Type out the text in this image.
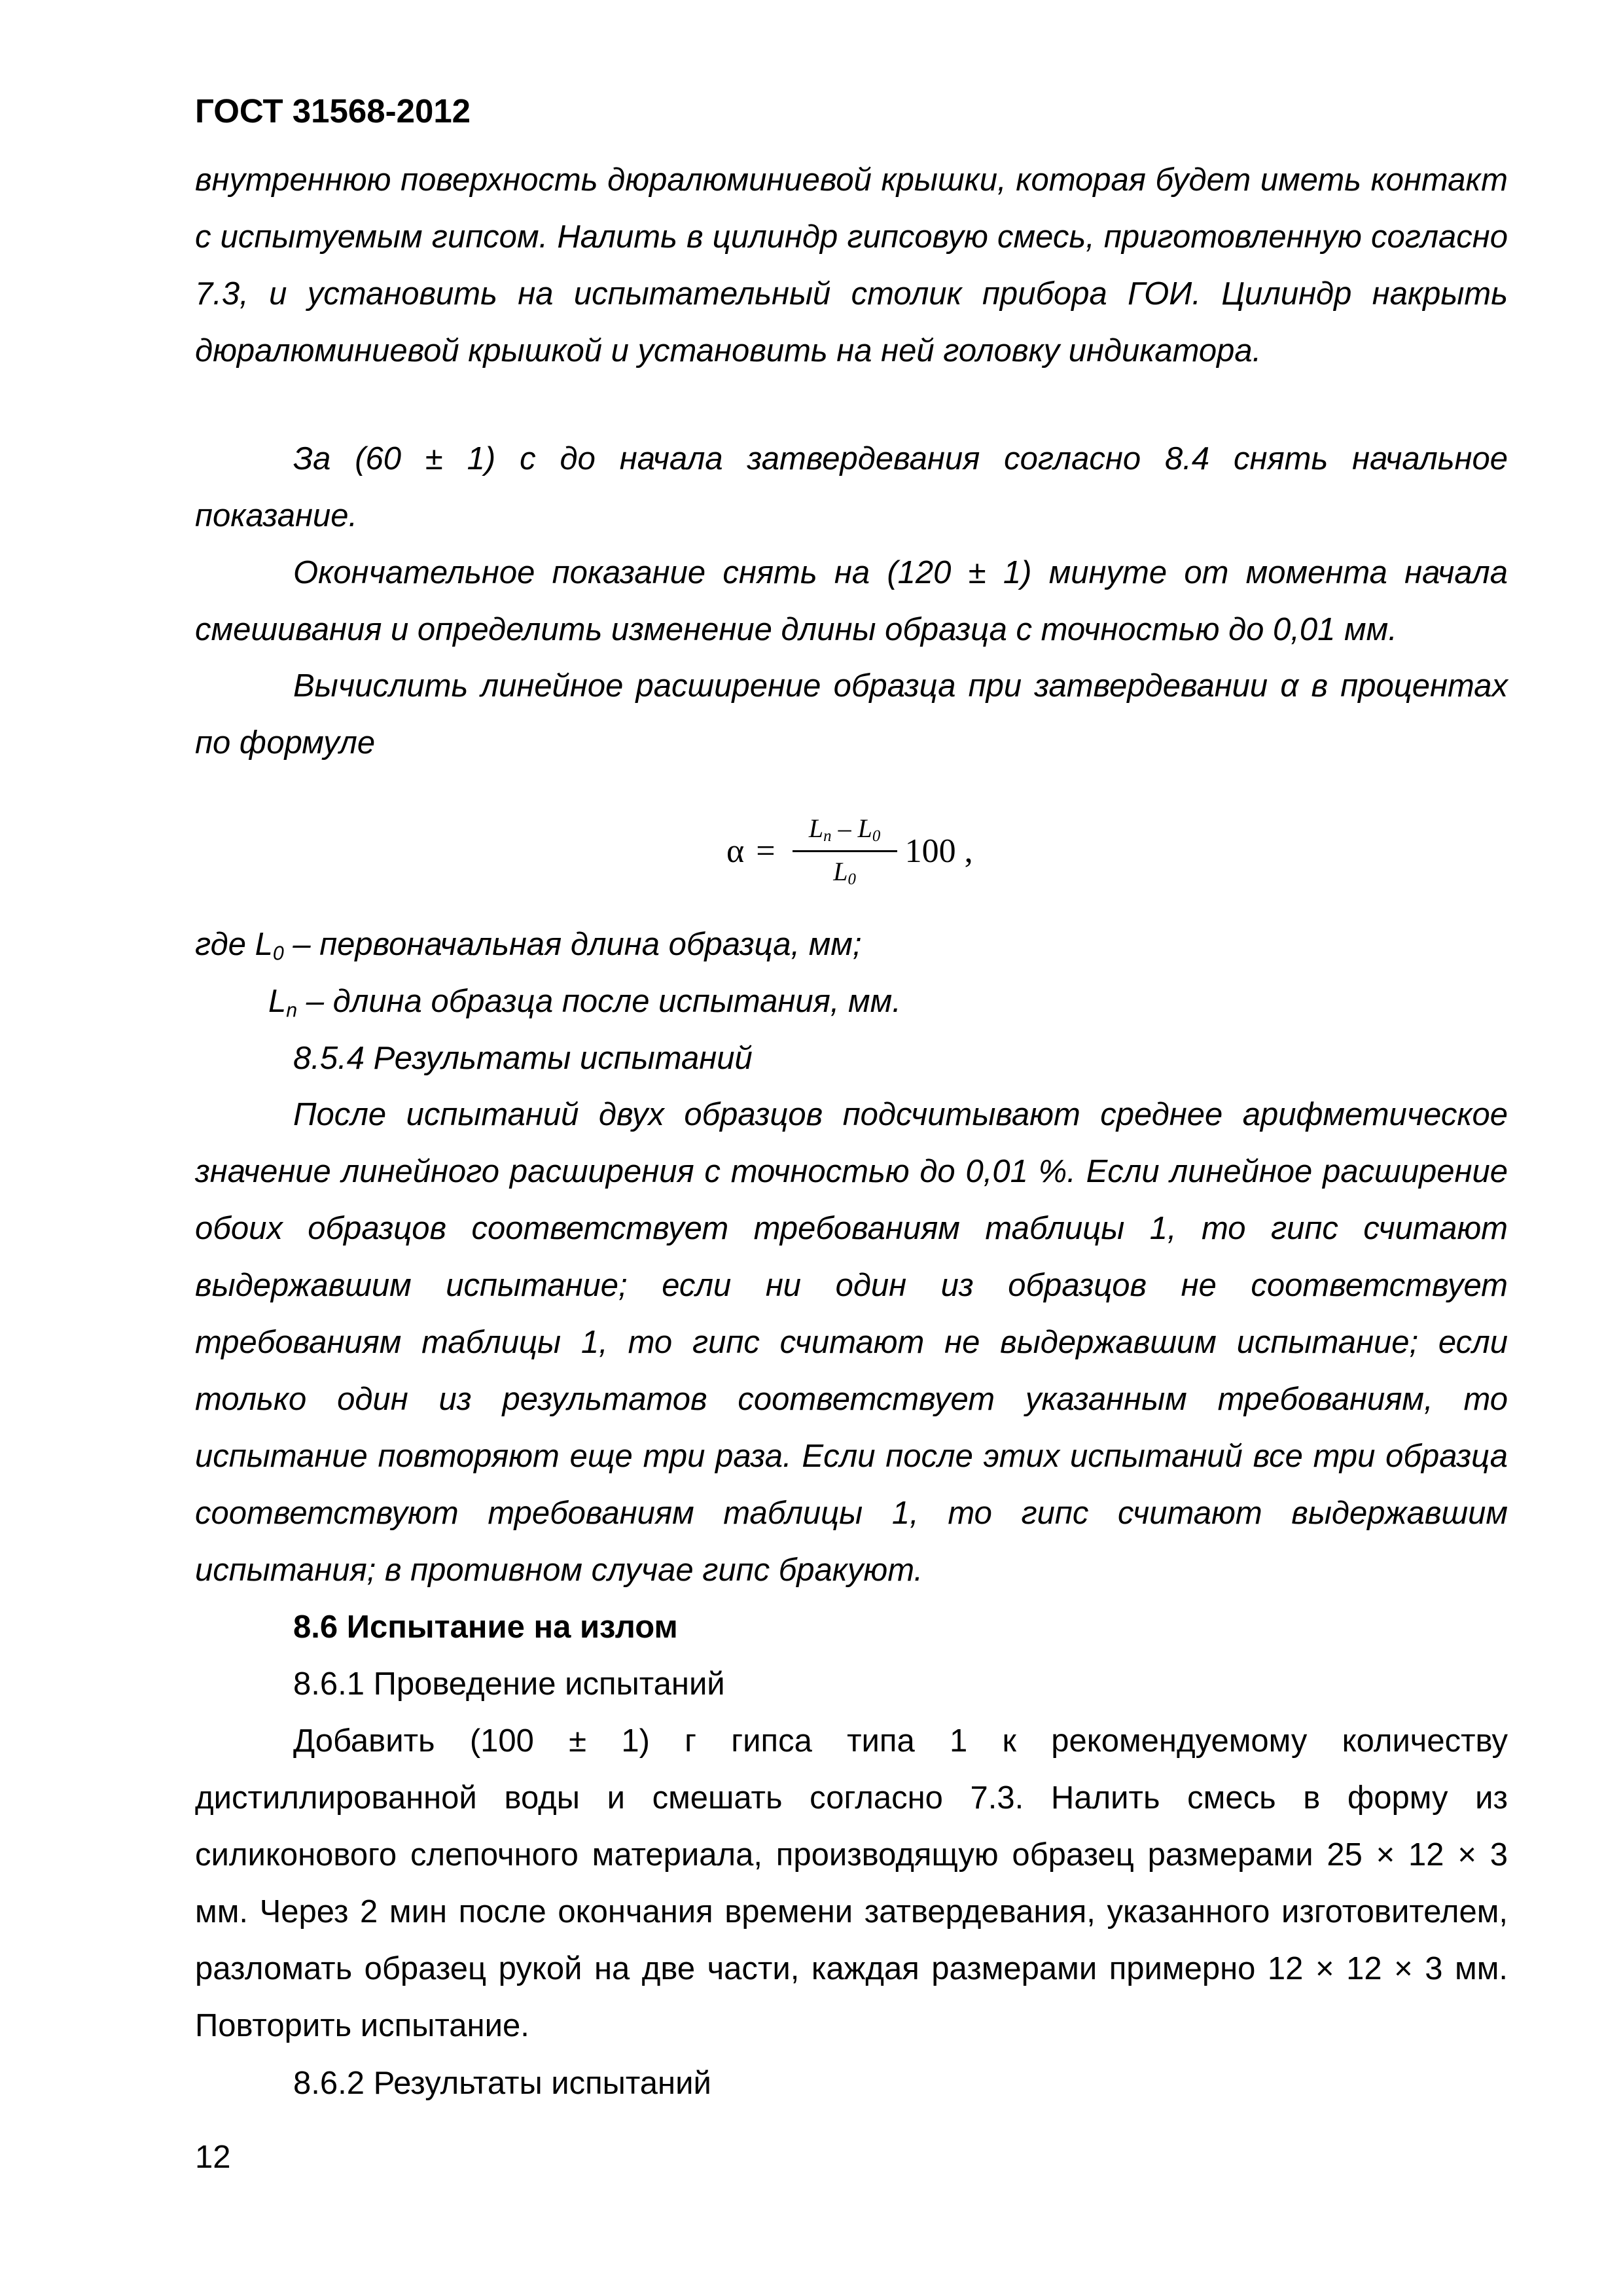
ГОСТ 31568-2012

внутреннюю поверхность дюралюминиевой крышки, которая будет иметь контакт с испытуемым гипсом. Налить в цилиндр гипсовую смесь, приготовленную согласно 7.3, и установить на испытательный столик прибора ГОИ. Цилиндр накрыть дюралюминиевой крышкой и установить на ней головку индикатора.

За (60 ± 1) с до начала затвердевания согласно 8.4 снять начальное показание.

Окончательное показание снять на (120 ± 1) минуте от момента начала смешивания и определить изменение длины образца с точностью до 0,01 мм.

Вычислить линейное расширение образца при затвердевании α в процентах по формуле

$\alpha = \frac{L_n - L_0}{L_0} 100$ ,

где $L_0$ – первоначальная длина образца, мм;

$L_n$ – длина образца после испытания, мм.

8.5.4 Результаты испытаний

После испытаний двух образцов подсчитывают среднее арифметическое значение линейного расширения с точностью до 0,01 %. Если линейное расширение обоих образцов соответствует требованиям таблицы 1, то гипс считают выдержавшим испытание; если ни один из образцов не соответствует требованиям таблицы 1, то гипс считают не выдержавшим испытание; если только один из результатов соответствует указанным требованиям, то испытание повторяют еще три раза. Если после этих испытаний все три образца соответствуют требованиям таблицы 1, то гипс считают выдержавшим испытания; в противном случае гипс бракуют.

8.6 Испытание на излом

8.6.1 Проведение испытаний

Добавить (100 ± 1) г гипса типа 1 к рекомендуемому количеству дистиллированной воды и смешать согласно 7.3. Налить смесь в форму из силиконового слепочного материала, производящую образец размерами 25 × 12 × 3 мм. Через 2 мин после окончания времени затвердевания, указанного изготовителем, разломать образец рукой на две части, каждая размерами примерно 12 × 12 × 3 мм. Повторить испытание.

8.6.2 Результаты испытаний

12
